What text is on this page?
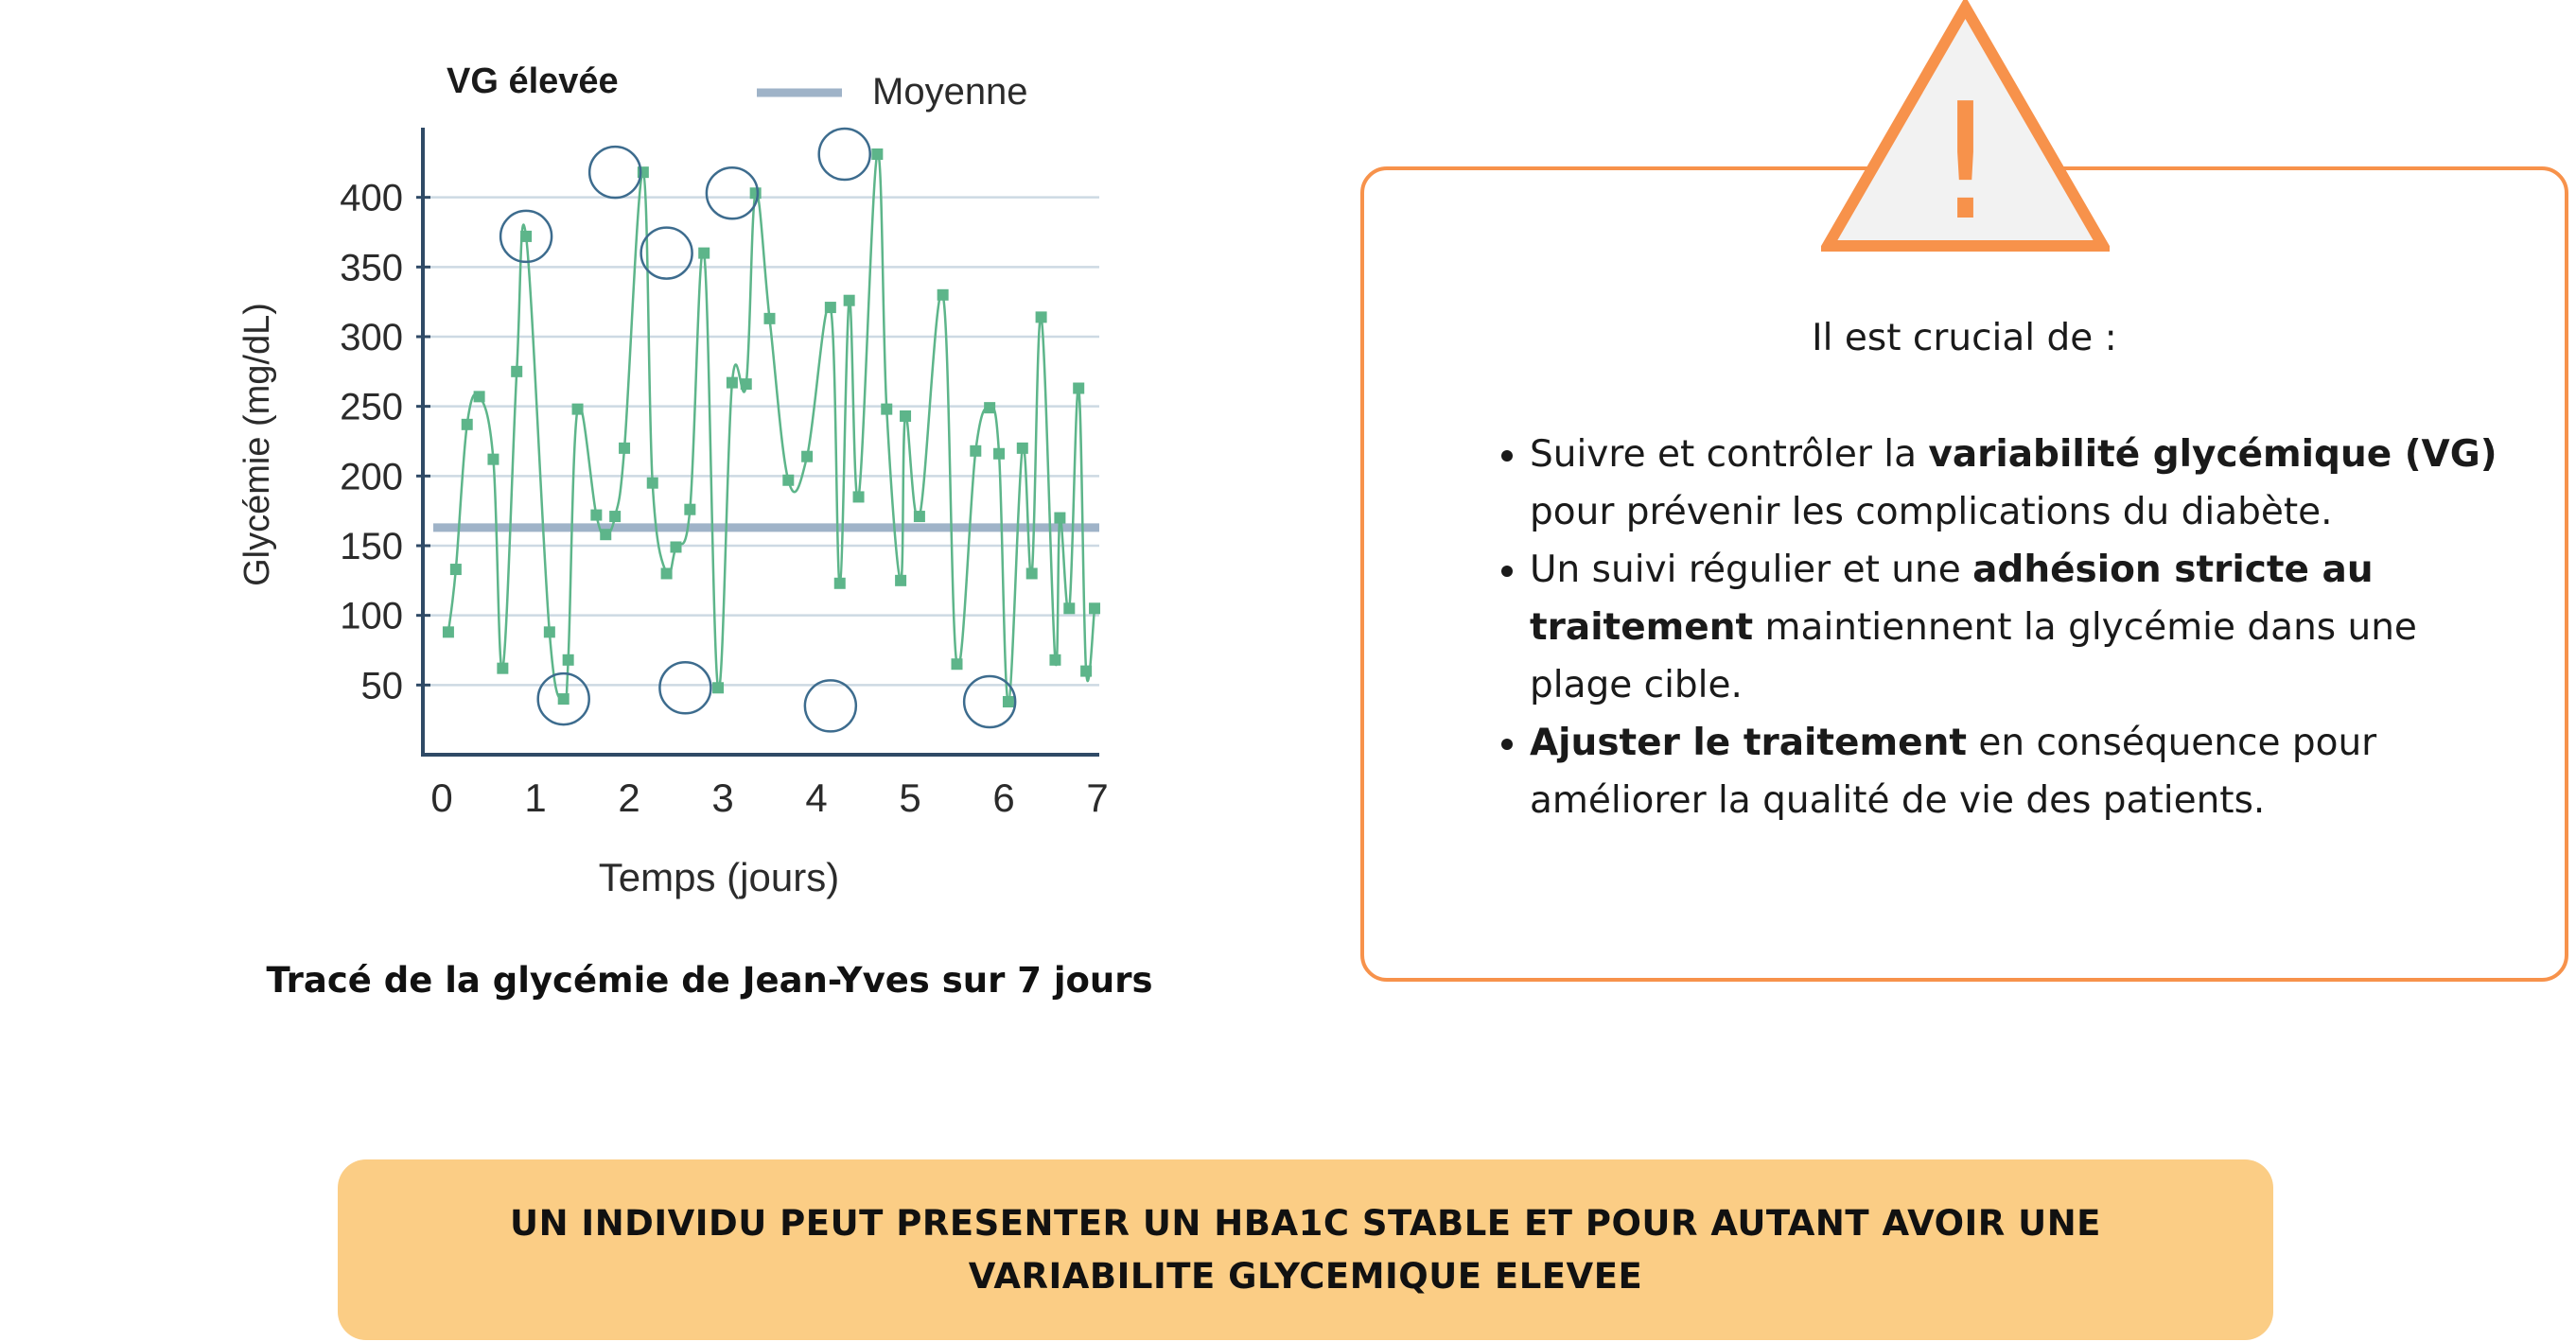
50
100
150
200
250
300
350
400
0 1 2 3 4 5 6 7
VG élevée	Moyenne
Glycémie (mg/dL)
Temps (jours)
Tracé de la glycémie de Jean-Yves sur 7 jours
Il est crucial de :
• Suivre et contrôler la variabilité glycémique (VG) pour prévenir les complications du diabète.
• Un suivi régulier et une adhésion stricte au traitement maintiennent la glycémie dans une plage cible.
• Ajuster le traitement en conséquence pour améliorer la qualité de vie des patients.
!
UN INDIVIDU PEUT PRESENTER UN HBA1C STABLE ET POUR AUTANT AVOIR UNE VARIABILITE GLYCEMIQUE ELEVEE
